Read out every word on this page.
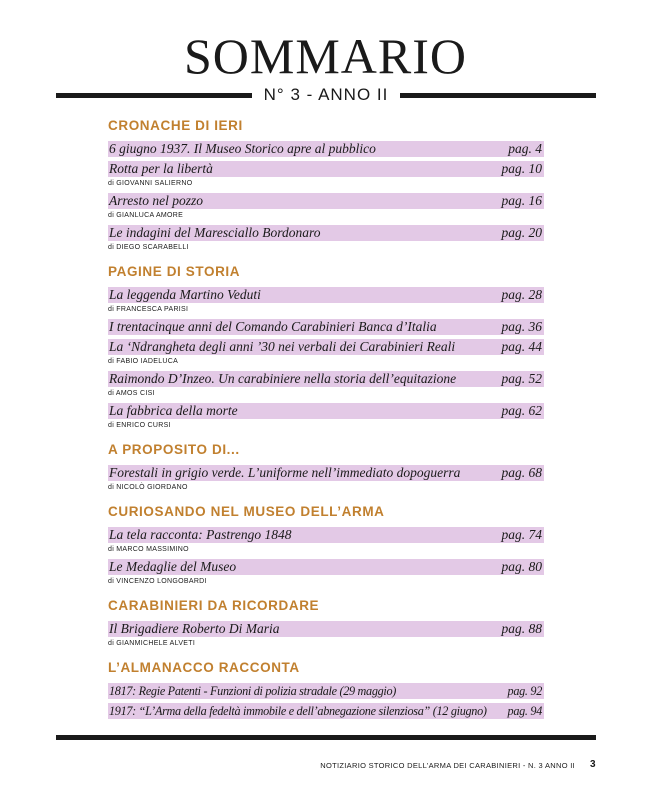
SOMMARIO
N° 3 - ANNO II
CRONACHE DI IERI
6 giugno 1937. Il Museo Storico apre al pubblico	pag. 4
Rotta per la libertà	pag. 10
di GIOVANNI SALIERNO
Arresto nel pozzo	pag. 16
di GIANLUCA AMORE
Le indagini del Maresciallo Bordonaro	pag. 20
di DIEGO SCARABELLI
PAGINE DI STORIA
La leggenda Martino Veduti	pag. 28
di FRANCESCA PARISI
I trentacinque anni del Comando Carabinieri Banca d’Italia	pag. 36
La ‘Ndrangheta degli anni ’30 nei verbali dei Carabinieri Reali	pag. 44
di FABIO IADELUCA
Raimondo D’Inzeo. Un carabiniere nella storia dell’equitazione	pag. 52
di AMOS CISI
La fabbrica della morte	pag. 62
di ENRICO CURSI
A PROPOSITO DI...
Forestali in grigio verde. L’uniforme nell’immediato dopoguerra	pag. 68
di NICOLÒ GIORDANO
CURIOSANDO NEL MUSEO DELL’ARMA
La tela racconta: Pastrengo 1848	pag. 74
di MARCO MASSIMINO
Le Medaglie del Museo	pag. 80
di VINCENZO LONGOBARDI
CARABINIERI DA RICORDARE
Il Brigadiere Roberto Di Maria	pag. 88
di GIANMICHELE ALVETI
L’ALMANACCO RACCONTA
1817: Regie Patenti - Funzioni di polizia stradale (29 maggio)	pag. 92
1917: “L’Arma della fedeltà immobile e dell’abnegazione silenziosa” (12 giugno) pag. 94
NOTIZIARIO STORICO DELL’ARMA DEI CARABINIERI - N. 3 ANNO II 3
